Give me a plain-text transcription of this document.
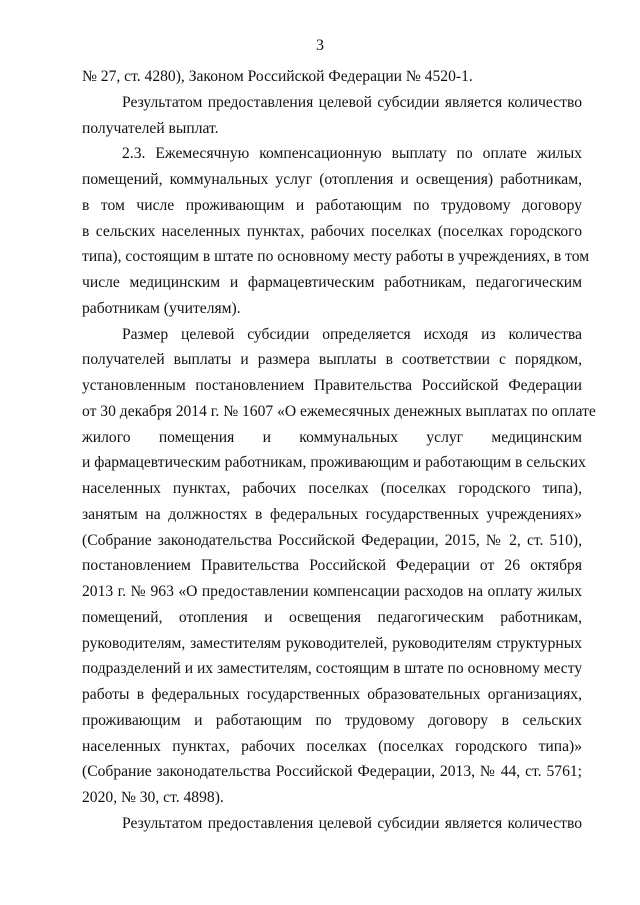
3
№ 27, ст. 4280), Законом Российской Федерации № 4520-1.
Результатом предоставления целевой субсидии является количество
получателей выплат.
2.3. Ежемесячную компенсационную выплату по оплате жилых
помещений, коммунальных услуг (отопления и освещения) работникам,
в том числе проживающим и работающим по трудовому договору
в сельских населенных пунктах, рабочих поселках (поселках городского
типа), состоящим в штате по основному месту работы в учреждениях, в том
числе медицинским и фармацевтическим работникам, педагогическим
работникам (учителям).
Размер целевой субсидии определяется исходя из количества
получателей выплаты и размера выплаты в соответствии с порядком,
установленным постановлением Правительства Российской Федерации
от 30 декабря 2014 г. № 1607 «О ежемесячных денежных выплатах по оплате
жилого помещения и коммунальных услуг медицинским
и фармацевтическим работникам, проживающим и работающим в сельских
населенных пунктах, рабочих поселках (поселках городского типа),
занятым на должностях в федеральных государственных учреждениях»
(Собрание законодательства Российской Федерации, 2015, № 2, ст. 510),
постановлением Правительства Российской Федерации от 26 октября
2013 г. № 963 «О предоставлении компенсации расходов на оплату жилых
помещений, отопления и освещения педагогическим работникам,
руководителям, заместителям руководителей, руководителям структурных
подразделений и их заместителям, состоящим в штате по основному месту
работы в федеральных государственных образовательных организациях,
проживающим и работающим по трудовому договору в сельских
населенных пунктах, рабочих поселках (поселках городского типа)»
(Собрание законодательства Российской Федерации, 2013, № 44, ст. 5761;
2020, № 30, ст. 4898).
Результатом предоставления целевой субсидии является количество
